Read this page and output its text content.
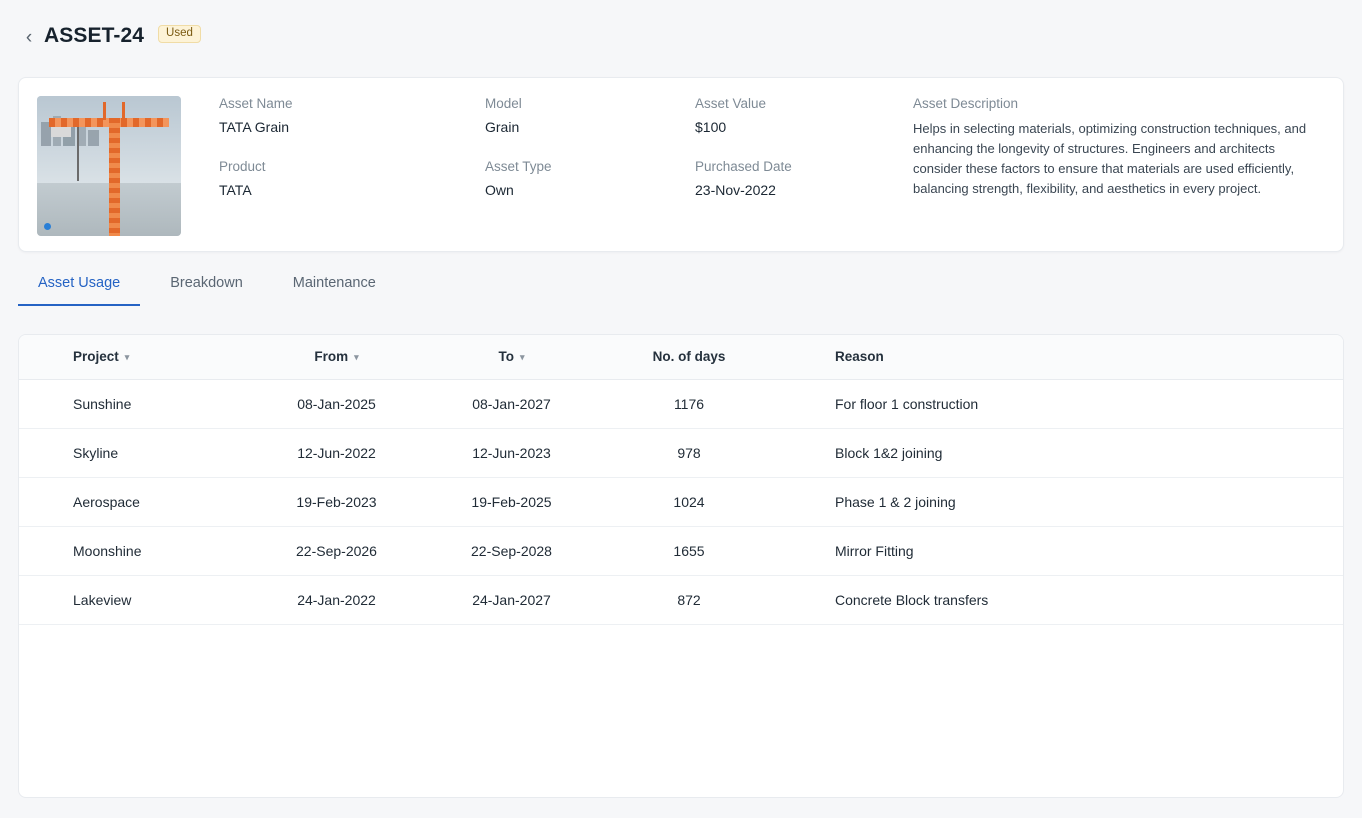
‹ ASSET-24	Used
Asset Name
TATA Grain
Product
TATA
Model
Grain
Asset Type
Own
Asset Value
$100
Purchased Date
23-Nov-2022
Asset Description
Helps in selecting materials, optimizing construction techniques, and enhancing the longevity of structures. Engineers and architects consider these factors to ensure that materials are used efficiently, balancing strength, flexibility, and aesthetics in every project.
Asset Usage	Breakdown	Maintenance
Project ▾	From ▾	To ▾	No. of days	Reason

Sunshine	08-Jan-2025	08-Jan-2027	1176	For floor 1 construction
Skyline	12-Jun-2022	12-Jun-2023	978	Block 1&2 joining
Aerospace	19-Feb-2023	19-Feb-2025	1024	Phase 1 & 2 joining
Moonshine	22-Sep-2026	22-Sep-2028	1655	Mirror Fitting
Lakeview	24-Jan-2022	24-Jan-2027	872	Concrete Block transfers
